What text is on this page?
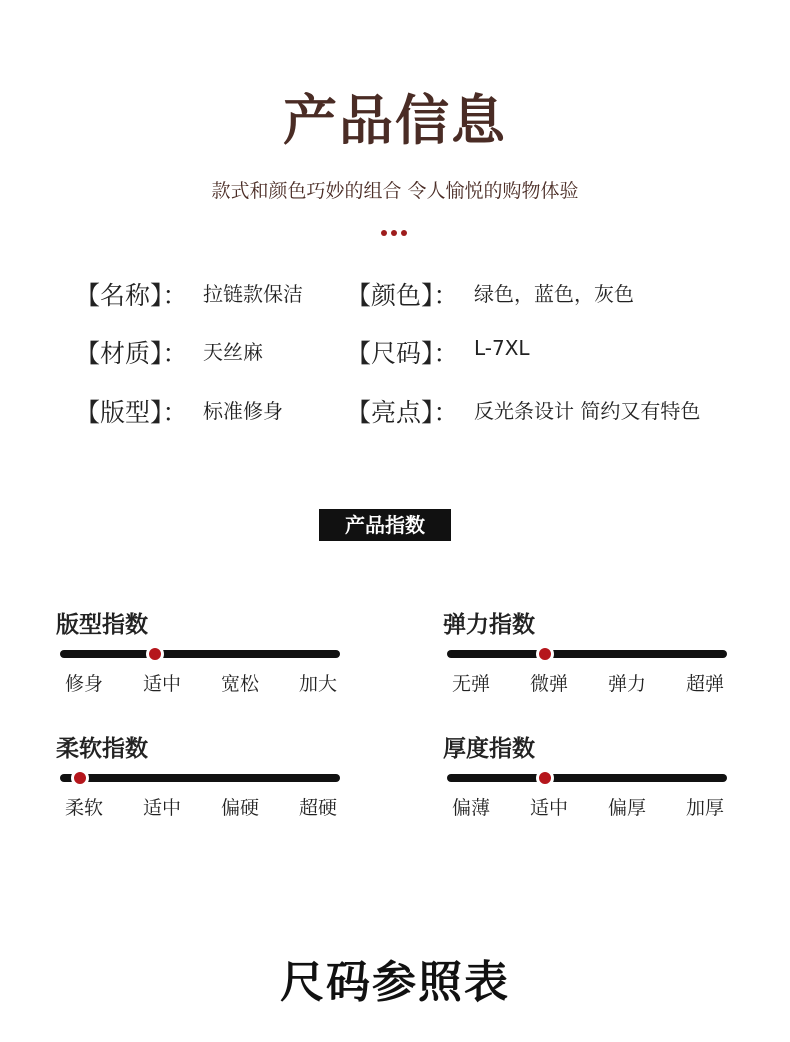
产品信息
款式和颜色巧妙的组合 令人愉悦的购物体验
【名称】： 拉链款保洁 【颜色】： 绿色，蓝色，灰色
【材质】： 天丝麻	【尺码】： L-7XL
【版型】： 标准修身	【亮点】： 反光条设计 简约又有特色
产品指数
版型指数
修身	适中	宽松	加大
弹力指数
无弹	微弹	弹力	超弹
柔软指数
柔软	适中	偏硬	超硬
厚度指数
偏薄	适中	偏厚	加厚
尺码参照表
